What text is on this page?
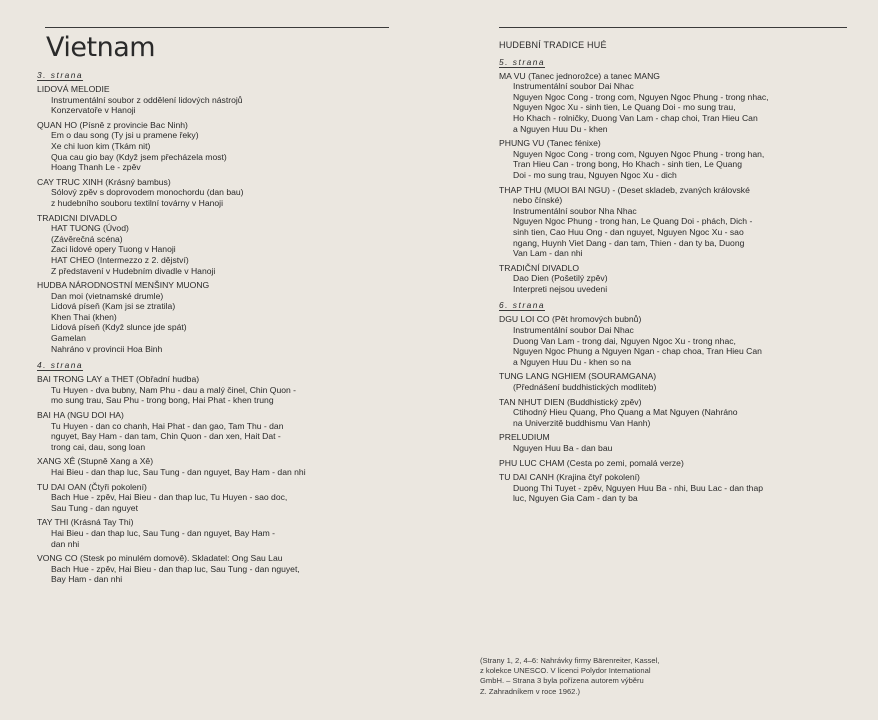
Vietnam
3. strana
LIDOVÁ MELODIE
Instrumentální soubor z oddělení lidových nástrojů
Konzervatoře v Hanoji
QUAN HO (Písně z provincie Bac Ninh)
Em o dau song (Ty jsi u pramene řeky)
Xe chi luon kim (Tkám nit)
Qua cau gio bay (Když jsem přecházela most)
Hoang Thanh Le - zpěv
CAY TRUC XINH (Krásný bambus)
Sólový zpěv s doprovodem monochordu (dan bau)
z hudebního souboru textilní továrny v Hanoji
TRADICNI DIVADLO
HAT TUONG (Úvod)
(Závěrečná scéna)
Zaci lidové opery Tuong v Hanoji
HAT CHEO (Intermezzo z 2. dějství)
Z představení v Hudebním divadle v Hanoji
HUDBA NÁRODNOSTNÍ MENŠINY MUONG
Dan moi (vietnamské drumle)
Lidová píseň (Kam jsi se ztratila)
Khen Thai (khen)
Lidová píseň (Když slunce jde spát)
Gamelan
Nahráno v provincii Hoa Binh
4. strana
BAI TRONG LAY a THET (Obřadní hudba)
Tu Huyen - dva bubny, Nam Phu - dau a malý činel, Chin Quon -
mo sung trau, Sau Phu - trong bong, Hai Phat - khen trung
BAI HA (NGU DOI HA)
Tu Huyen - dan co chanh, Hai Phat - dan gao, Tam Thu - dan
nguyet, Bay Ham - dan tam, Chin Quon - dan xen, Hait Dat -
trong cai, dau, song loan
XANG XÊ (Stupně Xang a Xê)
Hai Bieu - dan thap luc, Sau Tung - dan nguyet, Bay Ham - dan nhi
TU DAI OAN (Čtyři pokolení)
Bach Hue - zpěv, Hai Bieu - dan thap luc, Tu Huyen - sao doc,
Sau Tung - dan nguyet
TAY THI (Krásná Tay Thi)
Hai Bieu - dan thap luc, Sau Tung - dan nguyet, Bay Ham -
dan nhi
VONG CO (Stesk po minulém domově). Skladatel: Ong Sau Lau
Bach Hue - zpěv, Hai Bieu - dan thap luc, Sau Tung - dan nguyet,
Bay Ham - dan nhi
HUDEBNÍ TRADICE HUÉ
5. strana
MA VU (Tanec jednorožce) a tanec MANG
Instrumentální soubor Dai Nhac
Nguyen Ngoc Cong - trong com, Nguyen Ngoc Phung - trong nhac,
Nguyen Ngoc Xu - sinh tien, Le Quang Doi - mo sung trau,
Ho Khach - rolničky, Duong Van Lam - chap choi, Tran Hieu Can
a Nguyen Huu Du - khen
PHUNG VU (Tanec fénixe)
Nguyen Ngoc Cong - trong com, Nguyen Ngoc Phung - trong han,
Tran Hieu Can - trong bong, Ho Khach - sinh tien, Le Quang
Doi - mo sung trau, Nguyen Ngoc Xu - dich
THAP THU (MUOI BAI NGU) - (Deset skladeb, zvaných královské
nebo čínské)
Instrumentální soubor Nha Nhac
Nguyen Ngoc Phung - trong han, Le Quang Doi - phách, Dich -
sinh tien, Cao Huu Ong - dan nguyet, Nguyen Ngoc Xu - sao
ngang, Huynh Viet Dang - dan tam, Thien - dan ty ba, Duong
Van Lam - dan nhi
TRADIČNÍ DIVADLO
Dao Dien (Pošetilý zpěv)
Interpreti nejsou uvedeni
6. strana
DGU LOI CO (Pět hromových bubnů)
Instrumentální soubor Dai Nhac
Duong Van Lam - trong dai, Nguyen Ngoc Xu - trong nhac,
Nguyen Ngoc Phung a Nguyen Ngan - chap choa, Tran Hieu Can
a Nguyen Huu Du - khen so na
TUNG LANG NGHIEM (SOURAMGANA)
(Přednášení buddhistických modliteb)
TAN NHUT DIEN (Buddhistický zpěv)
Ctihodný Hieu Quang, Pho Quang a Mat Nguyen (Nahráno
na Univerzitě buddhismu Van Hanh)
PRELUDIUM
Nguyen Huu Ba - dan bau
PHU LUC CHAM (Cesta po zemi, pomalá verze)
TU DAI CANH (Krajina čtyř pokolení)
Duong Thi Tuyet - zpěv, Nguyen Huu Ba - nhi, Buu Lac - dan thap
luc, Nguyen Gia Cam - dan ty ba
(Strany 1, 2, 4–6: Nahrávky firmy Bärenreiter, Kassel,
z kolekce UNESCO. V licenci Polydor International
GmbH. – Strana 3 byla pořízena autorem výběru
Z. Zahradníkem v roce 1962.)
